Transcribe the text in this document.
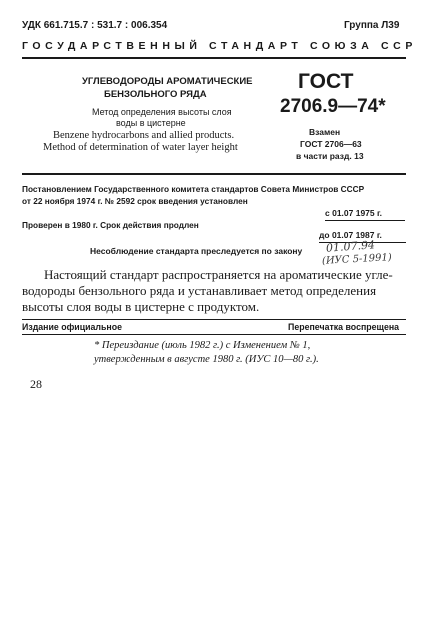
УДК 661.715.7 : 531.7 : 006.354	Группа Л39
ГОСУДАРСТВЕННЫЙ СТАНДАРТ СОЮЗА ССР
УГЛЕВОДОРОДЫ АРОМАТИЧЕСКИЕ
БЕНЗОЛЬНОГО РЯДА
Метод определения высоты слоя
воды в цистерне
Benzene hydrocarbons and allied products.
Method of determination of water layer height
ГОСТ
2706.9—74*
Взамен
ГОСТ 2706—63
в части разд. 13
Постановлением Государственного комитета стандартов Совета Министров СССР
от 22 ноября 1974 г. № 2592 срок введения установлен
с 01.07 1975 г.
Проверен в 1980 г. Срок действия продлен
до 01.07 1987 г.
Несоблюдение стандарта преследуется по закону 01.07.94
(ИУС 5-1991)
Настоящий стандарт распространяется на ароматические угле-
водороды бензольного ряда и устанавливает метод определения
высоты слоя воды в цистерне с продуктом.
Издание официальное	Перепечатка воспрещена
* Переиздание (июль 1982 г.) с Изменением № 1,
утвержденным в августе 1980 г. (ИУС 10—80 г.).
28
